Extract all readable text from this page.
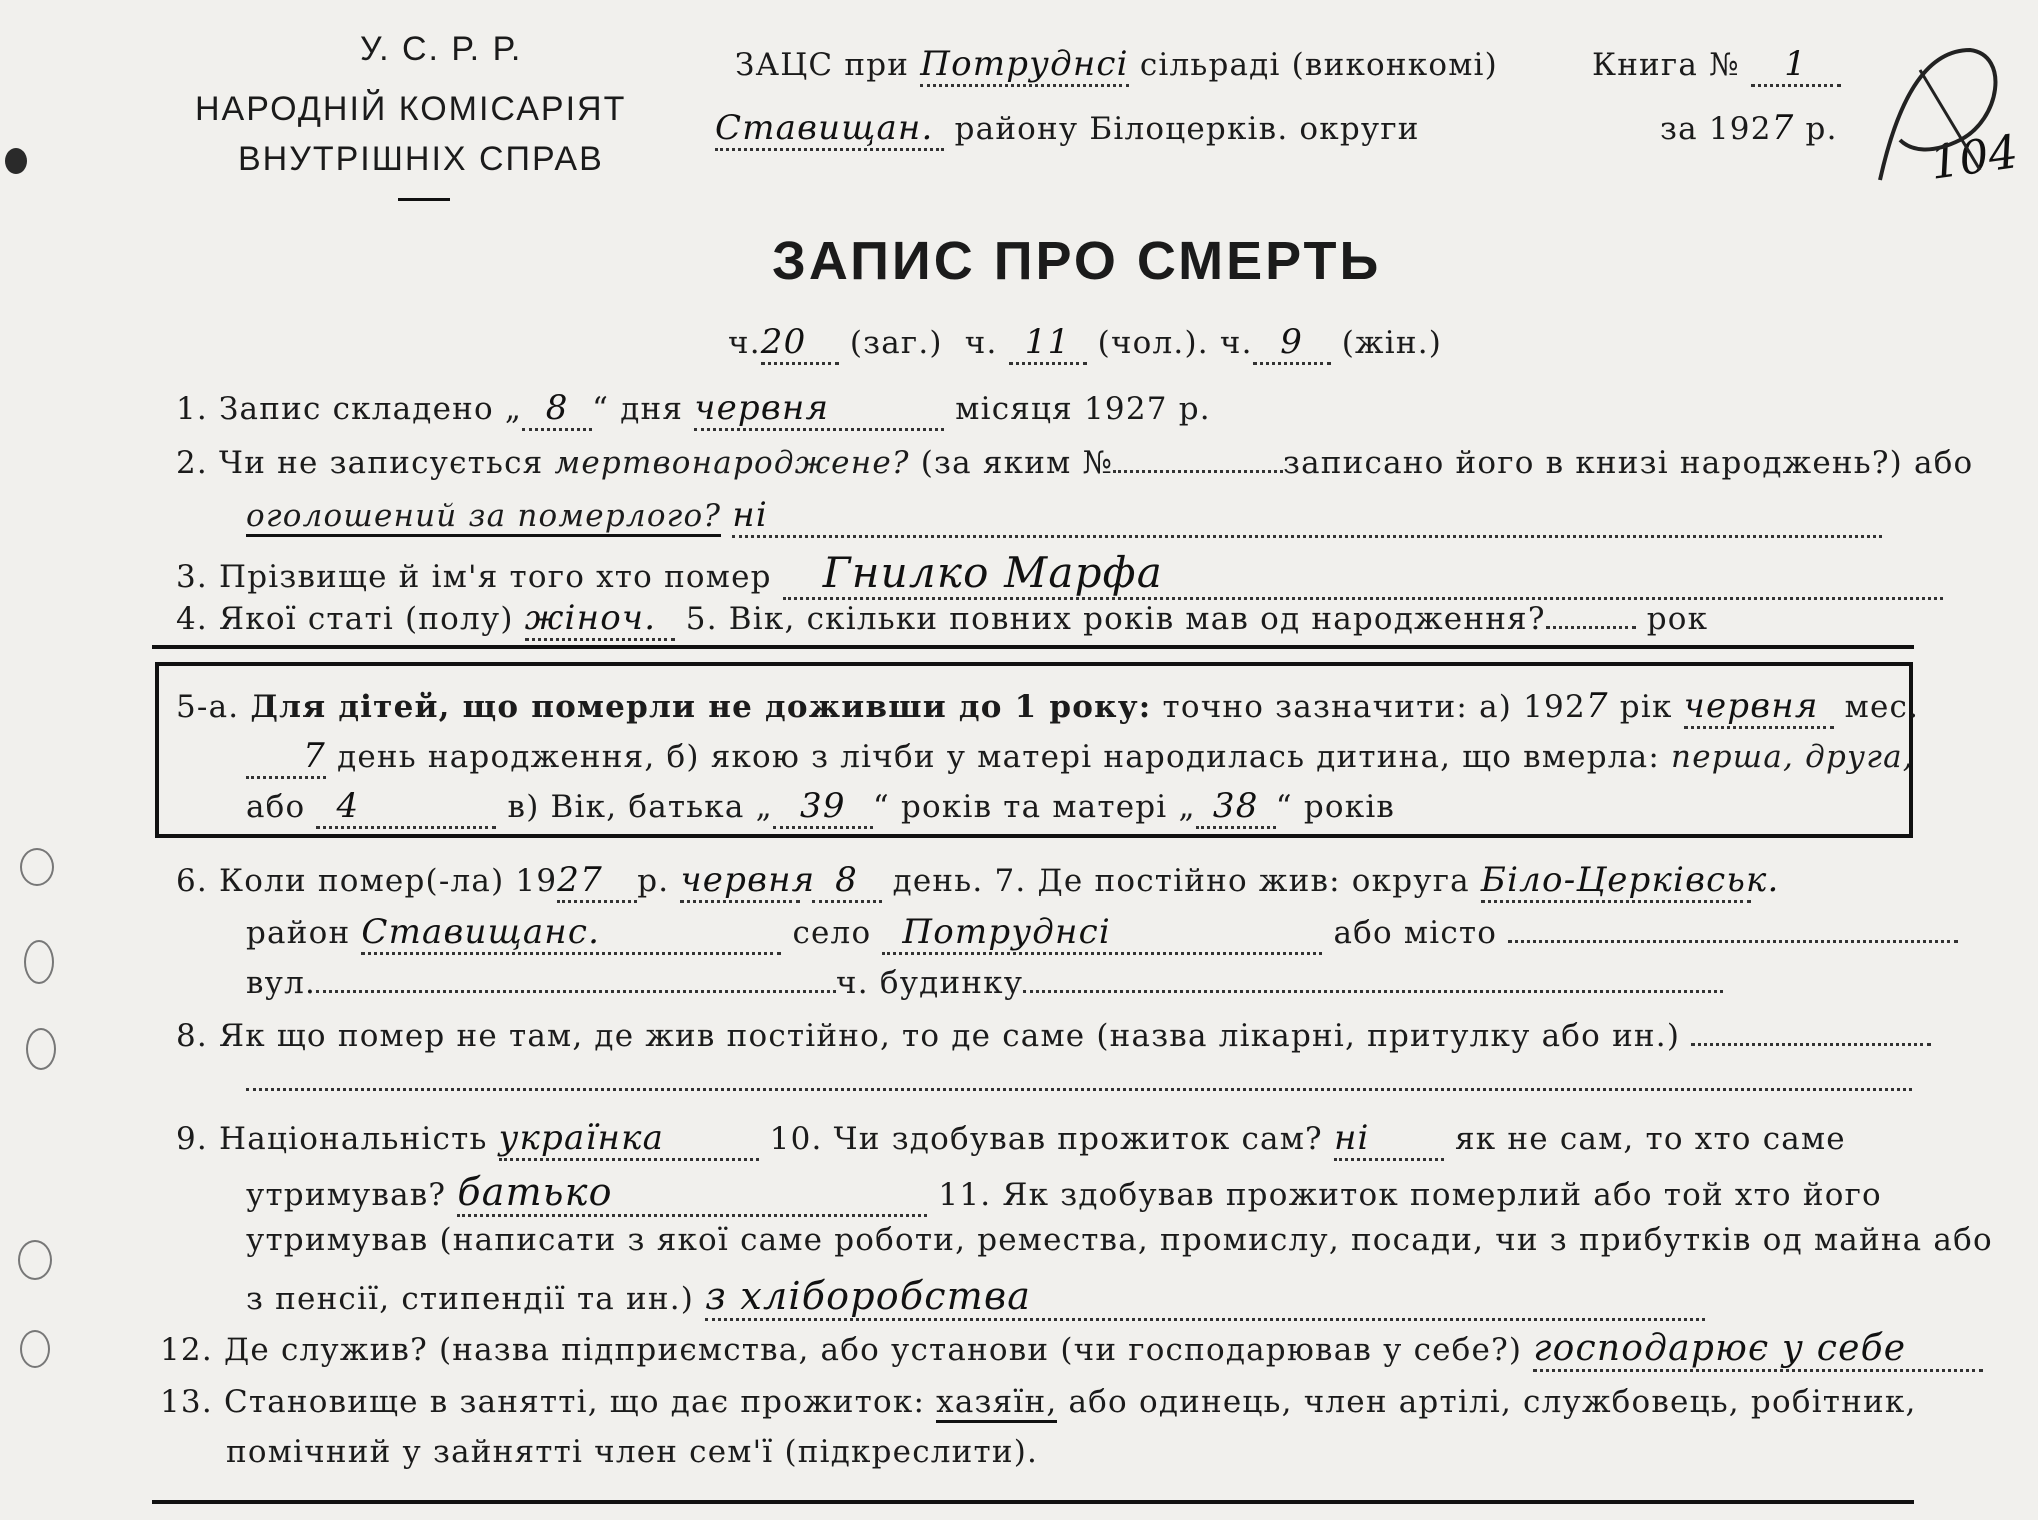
У. С. Р. Р.
НАРОДНІЙ КОМІСАРІЯТ
ВНУТРІШНІХ СПРАВ
ЗАЦС при Потруднсі сільраді (виконкомі)
Ставищан. району Білоцерків. округи
Книга № 1
за 1927 р. 104
ЗАПИС ПРО СМЕРТЬ
ч.20 (заг.) ч. 11 (чол.). ч. 9 (жін.)
1. Запис складено „ 8 “ дня червня	місяця 1927 р.
2. Чи не записується мертвонароджене? (за яким №	записано його в книзі народжень?) або
оголошений за померлого? ні
3. Прізвище й ім'я того хто помер Гнилко Марфа
4. Якої статі (полу) жіноч. 5. Вік, скільки повних років мав од народження?	рок
5-а. Для дітей, що померли не доживши до 1 року: точно зазначити: а) 1927 рік червня мес.
7 день народження, б) якою з лічби у матері народилась дитина, що вмерла: перша, друга,
або 4	в) Вік, батька „ 39 “ років та матері „ 38 “ років
6. Коли помер(-ла) 1927 р. червня 8 день. 7. Де постійно жив: округа Біло-Церківськ.
район Ставищанс.	село Потруднсі	або місто
вул.	ч. будинку
8. Як що помер не там, де жив постійно, то де саме (назва лікарні, притулку або ин.)
9. Національність українка	10. Чи здобував прожиток сам? ні	як не сам, то хто саме
утримував? батько	11. Як здобував прожиток померлий або той хто його
утримував (написати з якої саме роботи, ремества, промислу, посади, чи з прибутків од майна або
з пенсії, стипендії та ин.) з хліборобства
12. Де служив? (назва підприємства, або установи (чи господарював у себе?) господарює у себе
13. Становище в занятті, що дає прожиток: хазяїн, або одинець, член артілі, службовець, робітник,
помічний у зайнятті член сем'ї (підкреслити).
